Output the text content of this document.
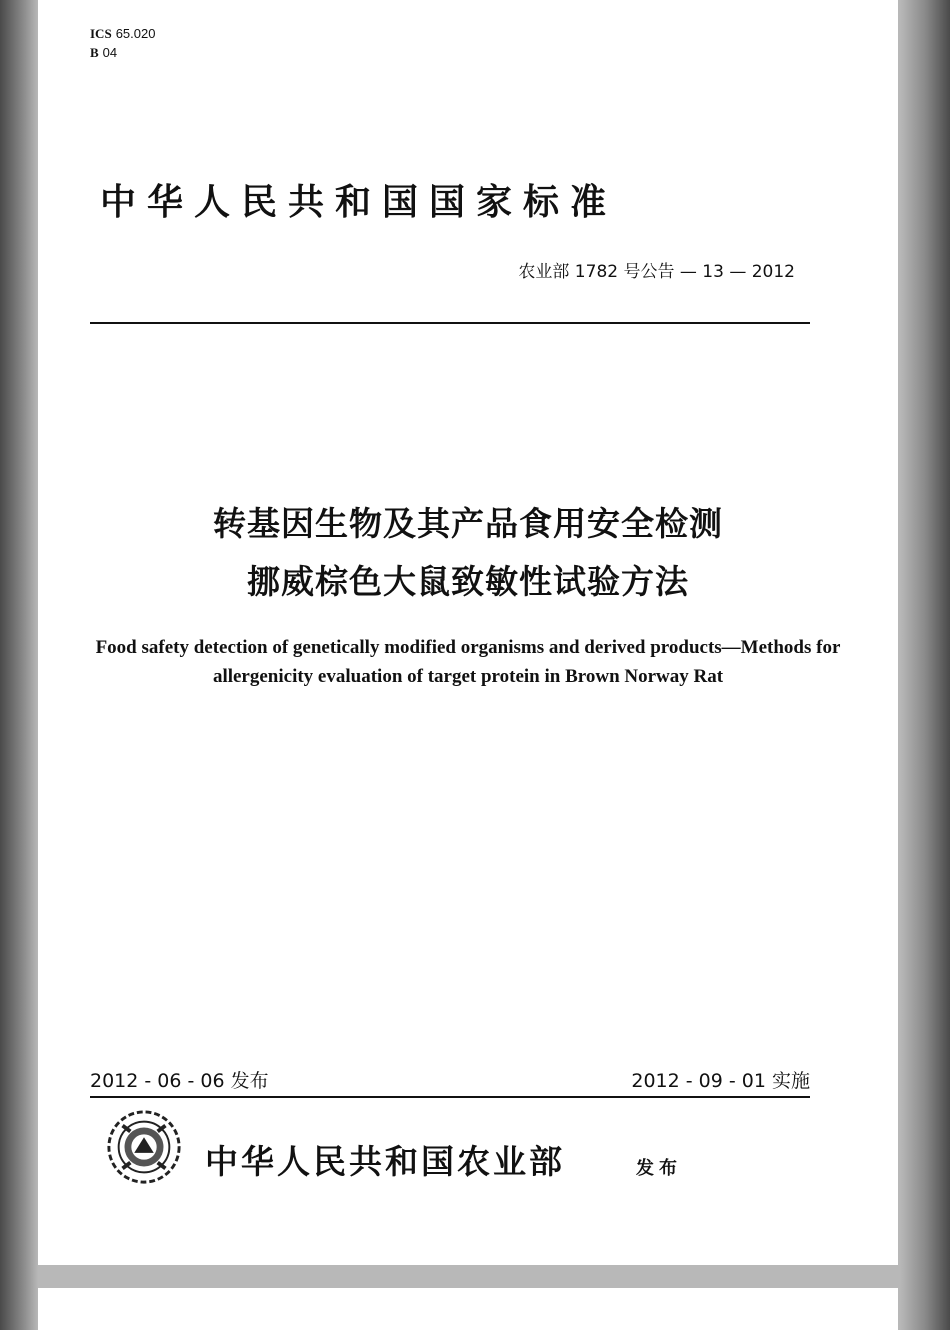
ICS 65.020
B 04
中华人民共和国国家标准
农业部 1782 号公告 — 13 — 2012
转基因生物及其产品食用安全检测
挪威棕色大鼠致敏性试验方法
Food safety detection of genetically modified organisms and derived products—Methods for allergenicity evaluation of target protein in Brown Norway Rat
2012 - 06 - 06 发布	2012 - 09 - 01 实施
中华人民共和国农业部	发布
